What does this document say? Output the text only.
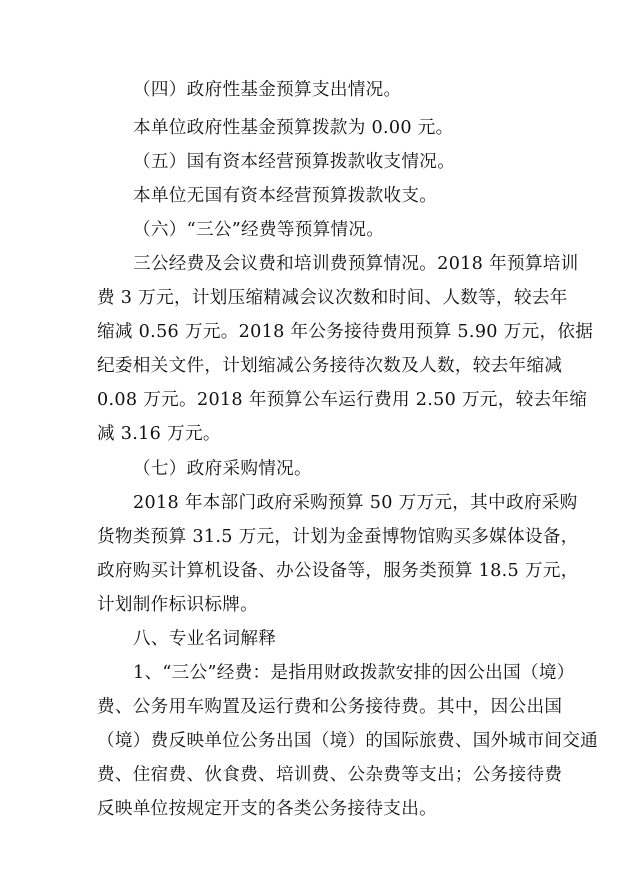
（四）政府性基金预算支出情况。
本单位政府性基金预算拨款为 0.00 元。
（五）国有资本经营预算拨款收支情况。
本单位无国有资本经营预算拨款收支。
（六）“三公”经费等预算情况。
三公经费及会议费和培训费预算情况。2018 年预算培训
费 3 万元，计划压缩精减会议次数和时间、人数等，较去年
缩减 0.56 万元。2018 年公务接待费用预算 5.90 万元，依据
纪委相关文件，计划缩减公务接待次数及人数，较去年缩减
0.08 万元。2018 年预算公车运行费用 2.50 万元，较去年缩
减 3.16 万元。
（七）政府采购情况。
2018 年本部门政府采购预算 50 万万元，其中政府采购
货物类预算 31.5 万元，计划为金蚕博物馆购买多媒体设备，
政府购买计算机设备、办公设备等，服务类预算 18.5 万元，
计划制作标识标牌。
八、专业名词解释
1、“三公”经费：是指用财政拨款安排的因公出国（境）
费、公务用车购置及运行费和公务接待费。其中，因公出国
（境）费反映单位公务出国（境）的国际旅费、国外城市间交通
费、住宿费、伙食费、培训费、公杂费等支出；公务接待费
反映单位按规定开支的各类公务接待支出。
